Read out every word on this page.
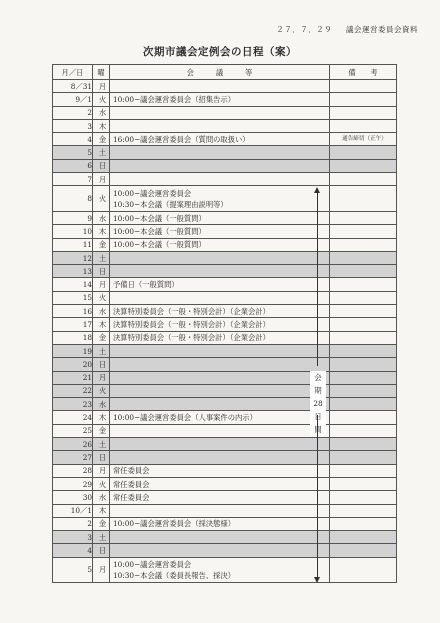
２７．７．２９ 　 議会運営委員会資料
次期市議会定例会の日程（案）
月／日	曜	会　　　議　　　等	備　　考
8／31	月	

9／1	火	10:00−議会運営委員会（招集告示）	

2	水	

3	木	

4	金	16:00−議会運営委員会（質問の取扱い）	通告締切（正午）
5	土	

6	日	

7	月	

8	火	10:00−議会運営委員会
10:30−本会議（提案理由説明等）	

9	水	10:00−本会議（一般質問）	

10	木	10:00−本会議（一般質問）	

11	金	10:00−本会議（一般質問）	

12	土	

13	日	

14	月	予備日（一般質問）	

15	火	

16	水	決算特別委員会（一般・特別会計）（企業会計）	

17	木	決算特別委員会（一般・特別会計）（企業会計）	

18	金	決算特別委員会（一般・特別会計）（企業会計）	

19	土	

20	日	

21	月	

22	火	

23	水	

24	木	10:00−議会運営委員会（人事案件の内示）	

25	金	

26	土	

27	日	

28	月	常任委員会	

29	火	常任委員会	

30	水	常任委員会	

10／1	木	

2	金	10:00−議会運営委員会（採決態様）	

3	土	

4	日	

5	月	10:00−議会運営委員会
10:30−本会議（委員長報告、採決）	

会
期
28
日
間
